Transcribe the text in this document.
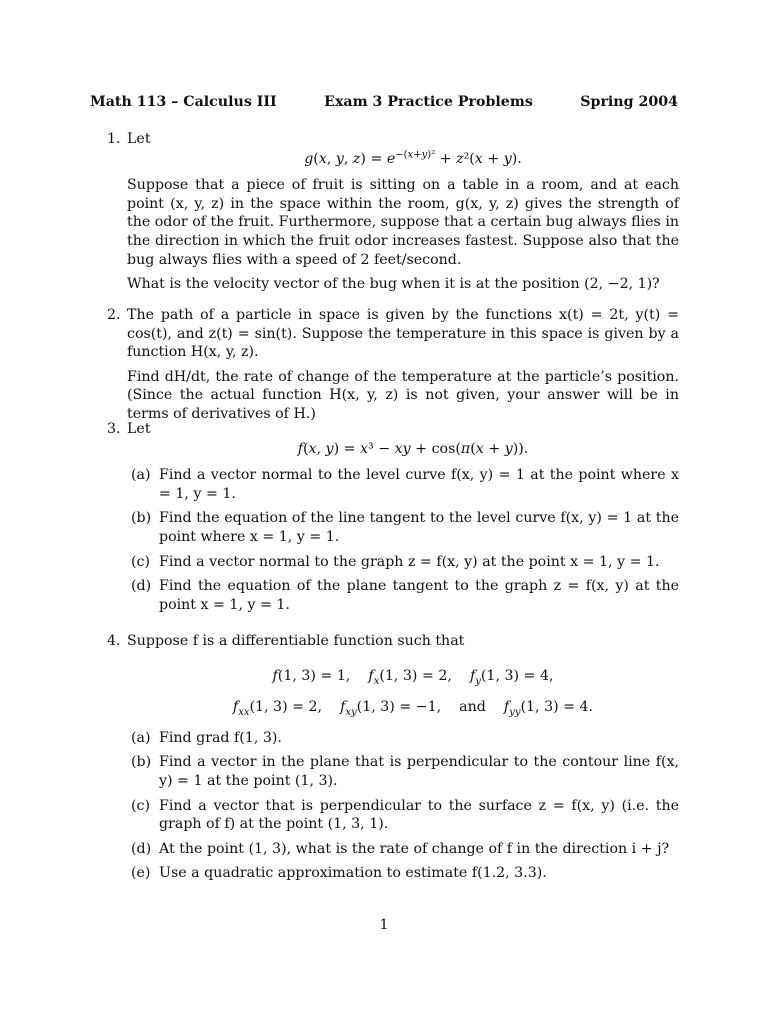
Math 113 – Calculus III	Exam 3 Practice Problems	Spring 2004
1. Let
g(x, y, $z) = e^{-(x+y)^2} + z^2(x + y)$.

Suppose that a piece of fruit is sitting on a table in a room, and at each point (x, y, z) in the space within the room, g(x, y, z) gives the strength of the odor of the fruit. Furthermore, suppose that a certain bug always flies in the direction in which the fruit odor increases fastest. Suppose also that the bug always flies with a speed of 2 feet/second.

What is the velocity vector of the bug when it is at the position (2, −2, 1)?

2. The path of a particle in space is given by the functions x(t) = 2t, y(t) = cos(t), and z(t) = sin(t). Suppose the temperature in this space is given by a function H(x, y, z).

Find dH/dt, the rate of change of the temperature at the particle’s position. (Since the actual function H(x, y, z) is not given, your answer will be in terms of derivatives of H.)

3. Let
f(x, y) = x³ − xy + cos(π(x + y)).
(a) Find a vector normal to the level curve f(x, y) = 1 at the point where x = 1, y = 1.
(b) Find the equation of the line tangent to the level curve f(x, y) = 1 at the point where x = 1, y = 1.
(c) Find a vector normal to the graph z = f(x, y) at the point x = 1, y = 1.
(d) Find the equation of the plane tangent to the graph z = f(x, y) at the point x = 1, y = 1.
4. Suppose f is a differentiable function such that
f(1, 3) = 1,    $f_x(1$, 3) = 2,    $f_y(1$, 3) = 4,
$f_{xx}(1$, 3) = 2,    $f_{xy}(1$, 3) = −1,    and    $f_{yy}(1$, 3) = 4.
(a) Find grad f(1, 3).
(b) Find a vector in the plane that is perpendicular to the contour line f(x, y) = 1 at the point (1, 3).
(c) Find a vector that is perpendicular to the surface z = f(x, y) (i.e. the graph of f) at the point (1, 3, 1).
(d) At the point (1, 3), what is the rate of change of f in the direction i + j?
(e) Use a quadratic approximation to estimate f(1.2, 3.3).
1
